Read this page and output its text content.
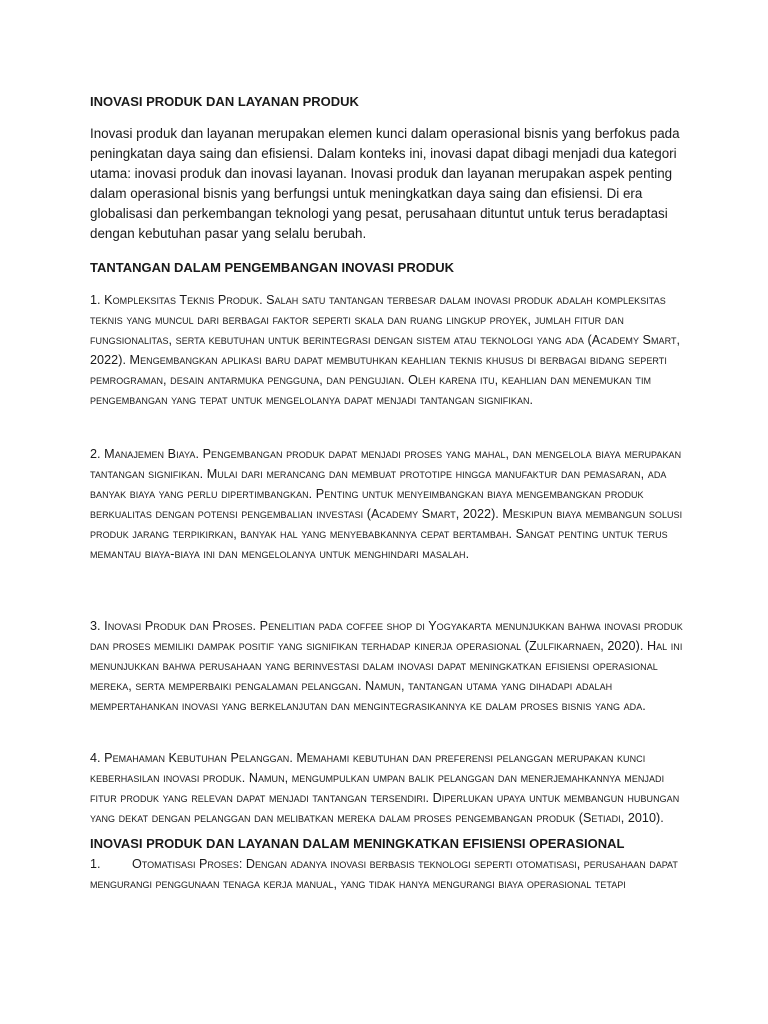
INOVASI PRODUK DAN LAYANAN PRODUK

Inovasi produk dan layanan merupakan elemen kunci dalam operasional bisnis yang berfokus pada peningkatan daya saing dan efisiensi. Dalam konteks ini, inovasi dapat dibagi menjadi dua kategori utama: inovasi produk dan inovasi layanan. Inovasi produk dan layanan merupakan aspek penting dalam operasional bisnis yang berfungsi untuk meningkatkan daya saing dan efisiensi. Di era globalisasi dan perkembangan teknologi yang pesat, perusahaan dituntut untuk terus beradaptasi dengan kebutuhan pasar yang selalu berubah.

TANTANGAN DALAM PENGEMBANGAN INOVASI PRODUK

1. Kompleksitas Teknis Produk. Salah satu tantangan terbesar dalam inovasi produk adalah kompleksitas teknis yang muncul dari berbagai faktor seperti skala dan ruang lingkup proyek, jumlah fitur dan fungsionalitas, serta kebutuhan untuk berintegrasi dengan sistem atau teknologi yang ada (Academy Smart, 2022). Mengembangkan aplikasi baru dapat membutuhkan keahlian teknis khusus di berbagai bidang seperti pemrograman, desain antarmuka pengguna, dan pengujian. Oleh karena itu, keahlian dan menemukan tim pengembangan yang tepat untuk mengelolanya dapat menjadi tantangan signifikan.

2. Manajemen Biaya. Pengembangan produk dapat menjadi proses yang mahal, dan mengelola biaya merupakan tantangan signifikan. Mulai dari merancang dan membuat prototipe hingga manufaktur dan pemasaran, ada banyak biaya yang perlu dipertimbangkan. Penting untuk menyeimbangkan biaya mengembangkan produk berkualitas dengan potensi pengembalian investasi (Academy Smart, 2022). Meskipun biaya membangun solusi produk jarang terpikirkan, banyak hal yang menyebabkannya cepat bertambah. Sangat penting untuk terus memantau biaya-biaya ini dan mengelolanya untuk menghindari masalah.

3. Inovasi Produk dan Proses. Penelitian pada coffee shop di Yogyakarta menunjukkan bahwa inovasi produk dan proses memiliki dampak positif yang signifikan terhadap kinerja operasional (Zulfikarnaen, 2020). Hal ini menunjukkan bahwa perusahaan yang berinvestasi dalam inovasi dapat meningkatkan efisiensi operasional mereka, serta memperbaiki pengalaman pelanggan. Namun, tantangan utama yang dihadapi adalah mempertahankan inovasi yang berkelanjutan dan mengintegrasikannya ke dalam proses bisnis yang ada.

4. Pemahaman Kebutuhan Pelanggan. Memahami kebutuhan dan preferensi pelanggan merupakan kunci keberhasilan inovasi produk. Namun, mengumpulkan umpan balik pelanggan dan menerjemahkannya menjadi fitur produk yang relevan dapat menjadi tantangan tersendiri. Diperlukan upaya untuk membangun hubungan yang dekat dengan pelanggan dan melibatkan mereka dalam proses pengembangan produk (Setiadi, 2010).

INOVASI PRODUK DAN LAYANAN DALAM MENINGKATKAN EFISIENSI OPERASIONAL

1. Otomatisasi Proses: Dengan adanya inovasi berbasis teknologi seperti otomatisasi, perusahaan dapat mengurangi penggunaan tenaga kerja manual, yang tidak hanya mengurangi biaya operasional tetapi
